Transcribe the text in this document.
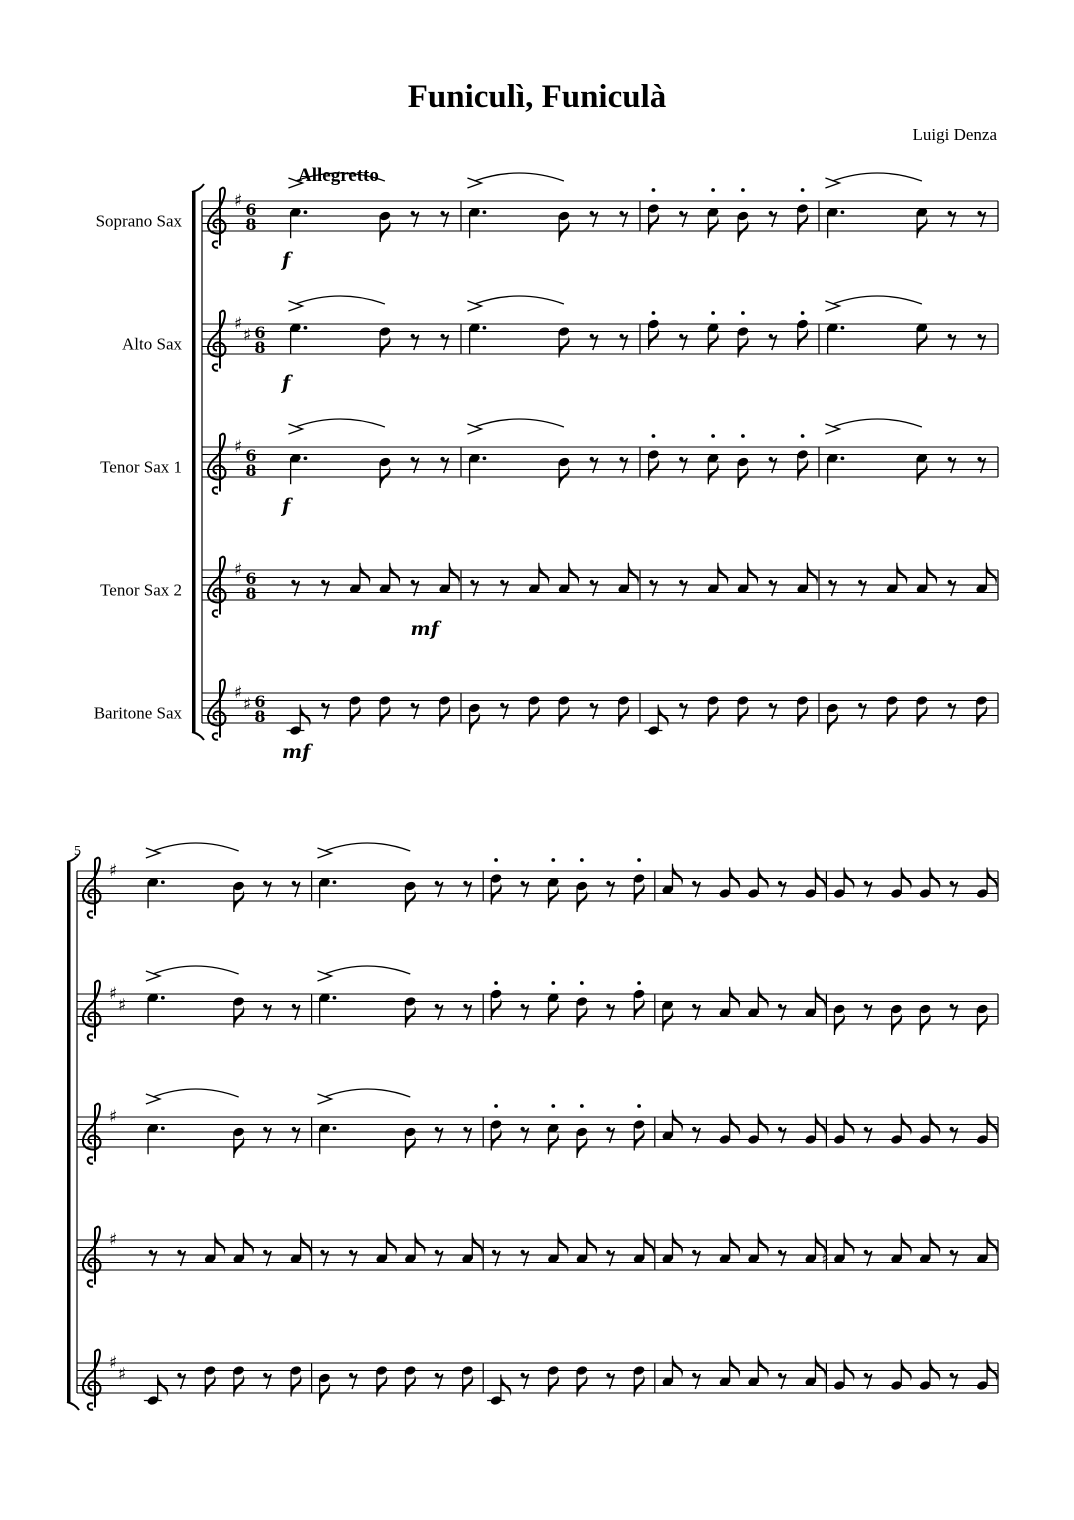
Funiculì, Funiculà
Luigi Denza
Allegretto
Soprano Sax
♯ 6
8
f
Alto Sax
♯
♯ 6
8
f
Tenor Sax 1
♯ 6
8
f
Tenor Sax 2
♯ 6
8
mf
Baritone Sax
♯
♯ 6
8
mf
5
♯
♯
♯
♯
♯
♯
♯
♯
